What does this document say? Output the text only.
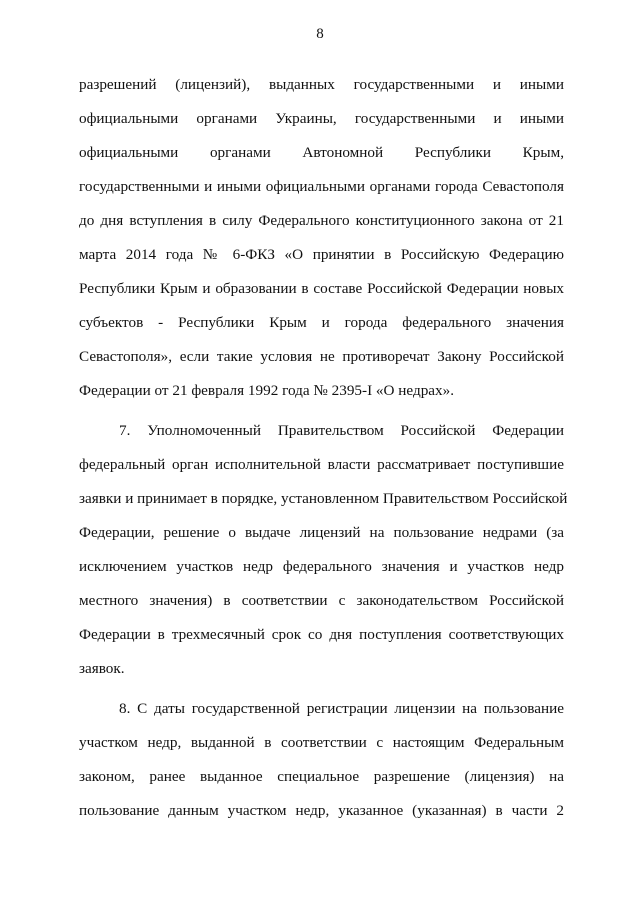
8
разрешений (лицензий), выданных государственными и иными
официальными органами Украины, государственными и иными
официальными органами Автономной Республики Крым,
государственными и иными официальными органами города Севастополя
до дня вступления в силу Федерального конституционного закона от 21
марта 2014 года № 6-ФКЗ «О принятии в Российскую Федерацию
Республики Крым и образовании в составе Российской Федерации новых
субъектов - Республики Крым и города федерального значения
Севастополя», если такие условия не противоречат Закону Российской
Федерации от 21 февраля 1992 года № 2395-I «О недрах».
7. Уполномоченный Правительством Российской Федерации
федеральный орган исполнительной власти рассматривает поступившие
заявки и принимает в порядке, установленном Правительством Российской
Федерации, решение о выдаче лицензий на пользование недрами (за
исключением участков недр федерального значения и участков недр
местного значения) в соответствии с законодательством Российской
Федерации в трехмесячный срок со дня поступления соответствующих
заявок.
8. С даты государственной регистрации лицензии на пользование
участком недр, выданной в соответствии с настоящим Федеральным
законом, ранее выданное специальное разрешение (лицензия) на
пользование данным участком недр, указанное (указанная) в части 2
